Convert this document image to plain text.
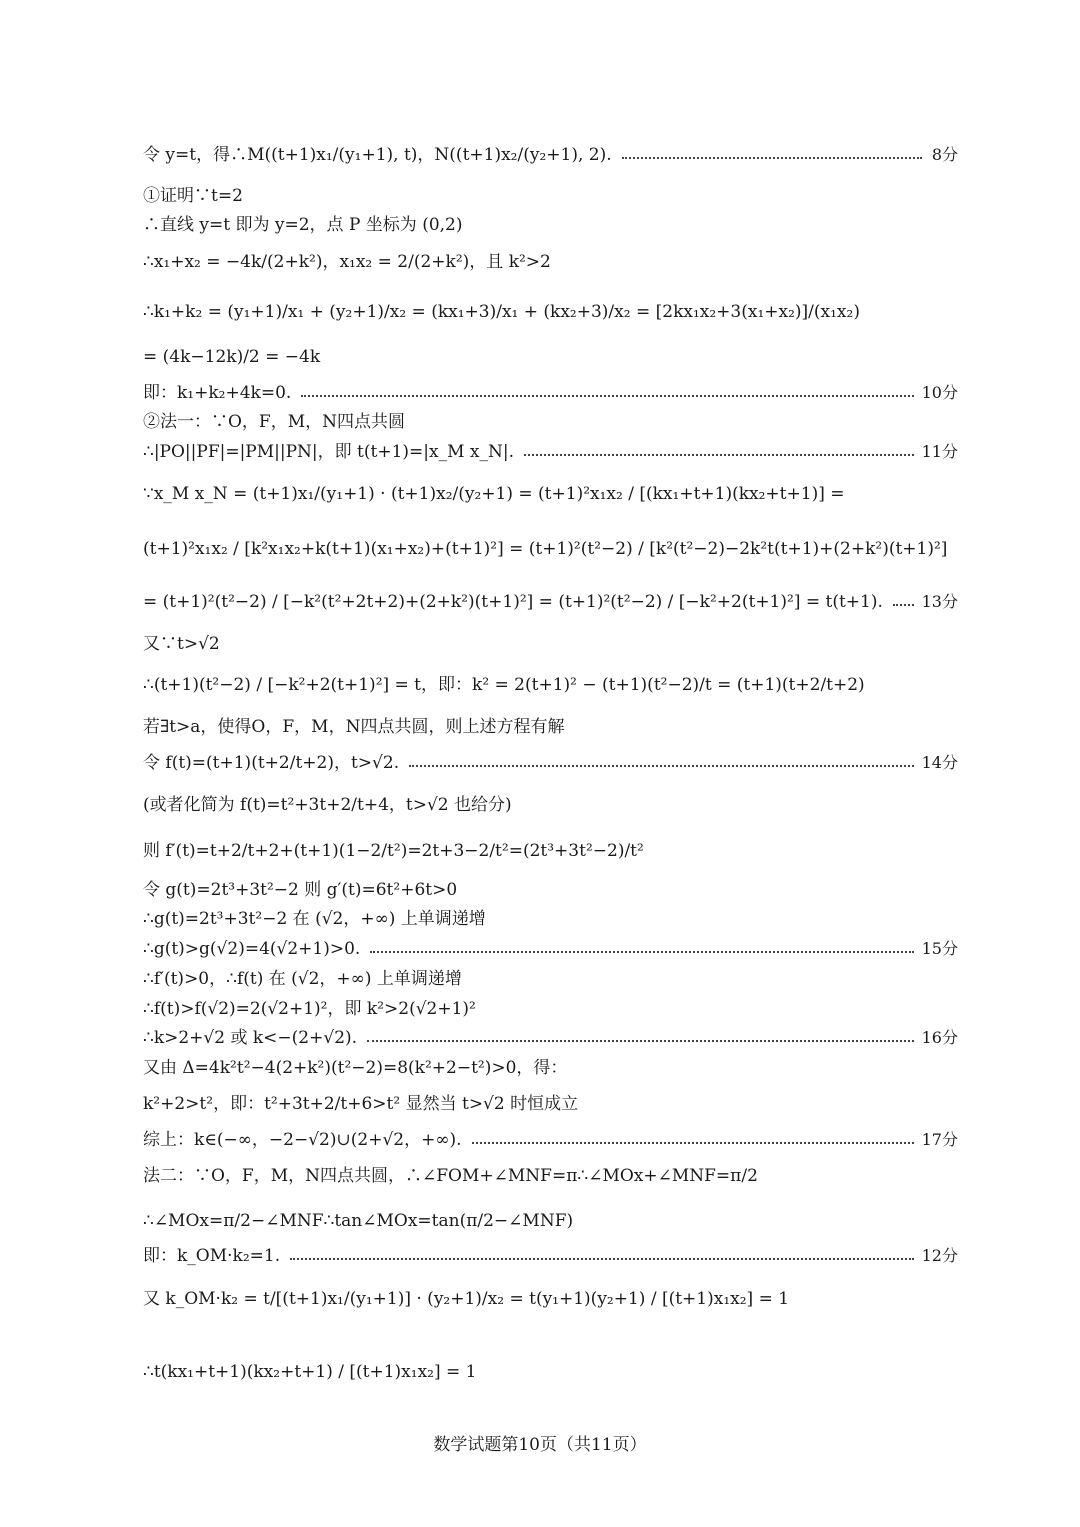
令 y=t，得∴M((t+1)x₁/(y₁+1), t)，N((t+1)x₂/(y₂+1), 2).	8分
①证明∵t=2
∴直线 y=t 即为 y=2，点 P 坐标为 (0,2)
∴x₁+x₂ = −4k/(2+k²)，x₁x₂ = 2/(2+k²)，且 k²>2
∴k₁+k₂ = (y₁+1)/x₁ + (y₂+1)/x₂ = (kx₁+3)/x₁ + (kx₂+3)/x₂ = [2kx₁x₂+3(x₁+x₂)]/(x₁x₂)
= (4k−12k)/2 = −4k
即：k₁+k₂+4k=0.	10分
②法一：∵O，F，M，N四点共圆
∴|PO||PF|=|PM||PN|，即 t(t+1)=|x_M x_N|.	11分
∵x_M x_N = (t+1)x₁/(y₁+1) · (t+1)x₂/(y₂+1) = (t+1)²x₁x₂ / [(kx₁+t+1)(kx₂+t+1)] =
(t+1)²x₁x₂ / [k²x₁x₂+k(t+1)(x₁+x₂)+(t+1)²] = (t+1)²(t²−2) / [k²(t²−2)−2k²t(t+1)+(2+k²)(t+1)²]
= (t+1)²(t²−2) / [−k²(t²+2t+2)+(2+k²)(t+1)²] = (t+1)²(t²−2) / [−k²+2(t+1)²] = t(t+1). 13分
又∵t>√2
∴(t+1)(t²−2) / [−k²+2(t+1)²] = t，即：k² = 2(t+1)² − (t+1)(t²−2)/t = (t+1)(t+2/t+2)
若∃t>a，使得O，F，M，N四点共圆，则上述方程有解
令 f(t)=(t+1)(t+2/t+2)，t>√2.	14分
(或者化简为 f(t)=t²+3t+2/t+4，t>√2 也给分)
则 f′(t)=t+2/t+2+(t+1)(1−2/t²)=2t+3−2/t²=(2t³+3t²−2)/t²
令 g(t)=2t³+3t²−2 则 g′(t)=6t²+6t>0
∴g(t)=2t³+3t²−2 在 (√2，+∞) 上单调递增
∴g(t)>g(√2)=4(√2+1)>0.	15分
∴f′(t)>0，∴f(t) 在 (√2，+∞) 上单调递增
∴f(t)>f(√2)=2(√2+1)²，即 k²>2(√2+1)²
∴k>2+√2 或 k<−(2+√2).	16分
又由 Δ=4k²t²−4(2+k²)(t²−2)=8(k²+2−t²)>0，得：
k²+2>t²，即：t²+3t+2/t+6>t² 显然当 t>√2 时恒成立
综上：k∈(−∞，−2−√2)∪(2+√2，+∞).	17分
法二：∵O，F，M，N四点共圆，∴∠FOM+∠MNF=π∴∠MOx+∠MNF=π/2
∴∠MOx=π/2−∠MNF∴tan∠MOx=tan(π/2−∠MNF)
即：k_OM·k₂=1.	12分
又 k_OM·k₂ = t/[(t+1)x₁/(y₁+1)] · (y₂+1)/x₂ = t(y₁+1)(y₂+1) / [(t+1)x₁x₂] = 1
∴t(kx₁+t+1)(kx₂+t+1) / [(t+1)x₁x₂] = 1
数学试题第10页（共11页）
